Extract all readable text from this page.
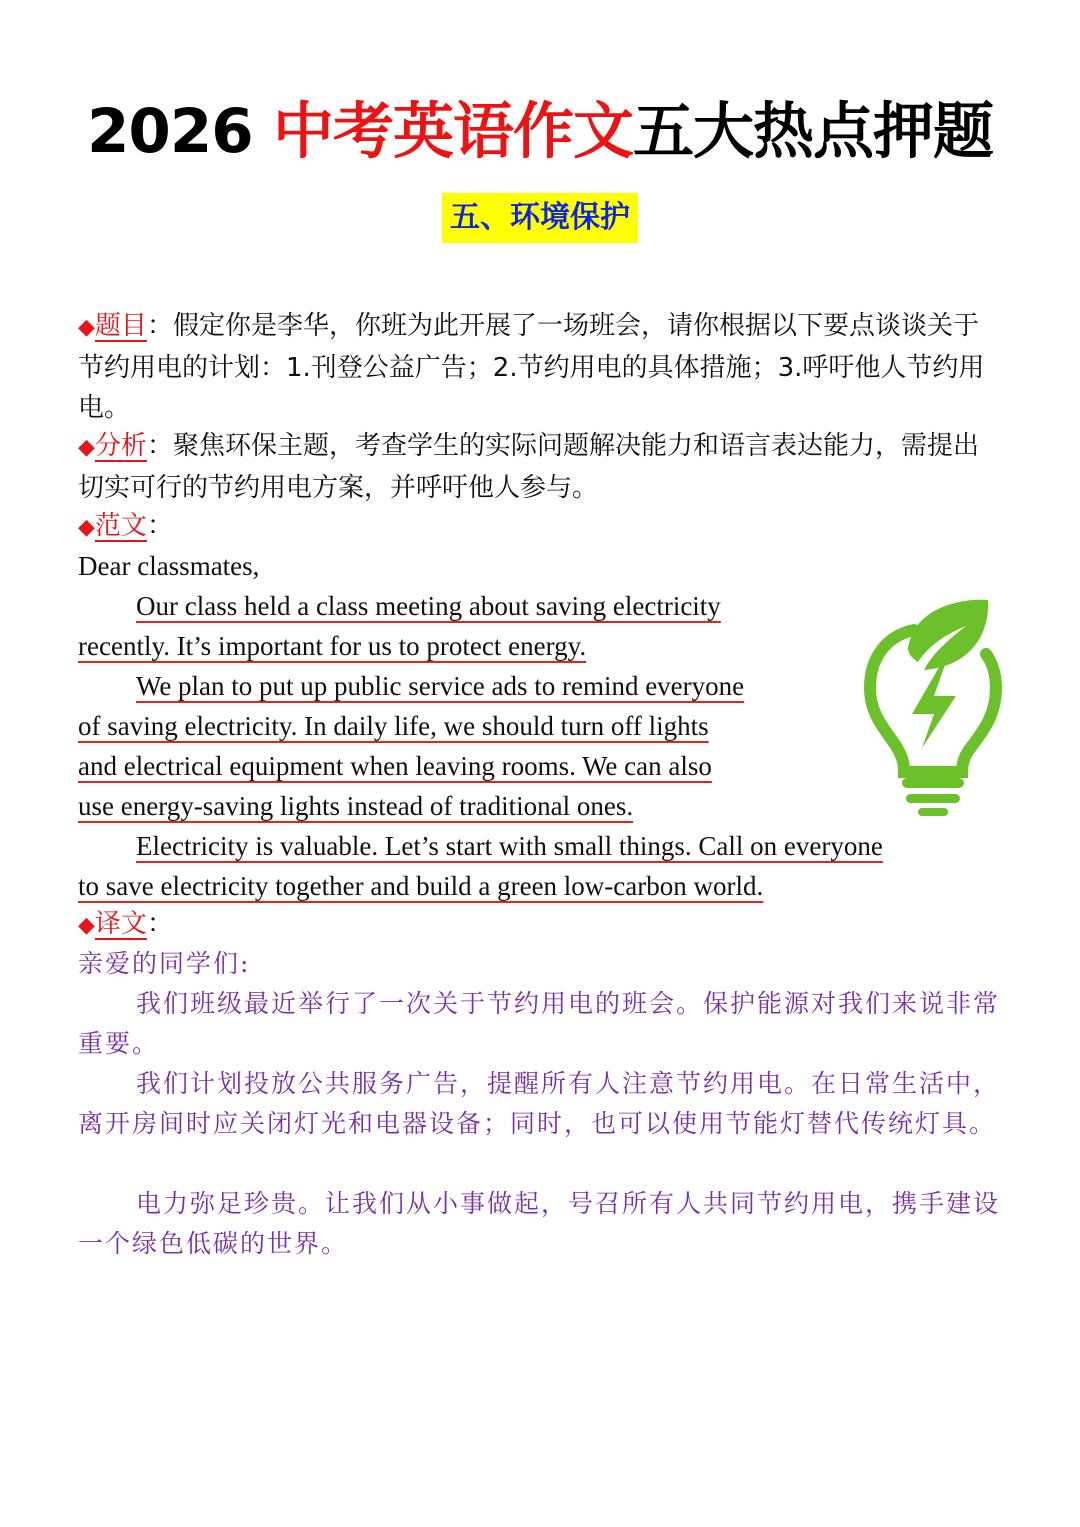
2026 中考英语作文五大热点押题
五、环境保护

◆题目：假定你是李华，你班为此开展了一场班会，请你根据以下要点谈谈关于节约用电的计划：1.刊登公益广告；2.节约用电的具体措施；3.呼吁他人节约用电。

◆分析：聚焦环保主题，考查学生的实际问题解决能力和语言表达能力，需提出切实可行的节约用电方案，并呼吁他人参与。

◆范文：

Dear classmates,
Our class held a class meeting about saving electricity
recently. It’s important for us to protect energy.
We plan to put up public service ads to remind everyone
of saving electricity. In daily life, we should turn off lights
and electrical equipment when leaving rooms. We can also
use energy-saving lights instead of traditional ones.
Electricity is valuable. Let’s start with small things. Call on everyone
to save electricity together and build a green low-carbon world.

◆译文：

亲爱的同学们:

我们班级最近举行了一次关于节约用电的班会。保护能源对我们来说非常重要。

我们计划投放公共服务广告，提醒所有人注意节约用电。在日常生活中，离开房间时应关闭灯光和电器设备；同时，也可以使用节能灯替代传统灯具。

电力弥足珍贵。让我们从小事做起，号召所有人共同节约用电，携手建设一个绿色低碳的世界。
